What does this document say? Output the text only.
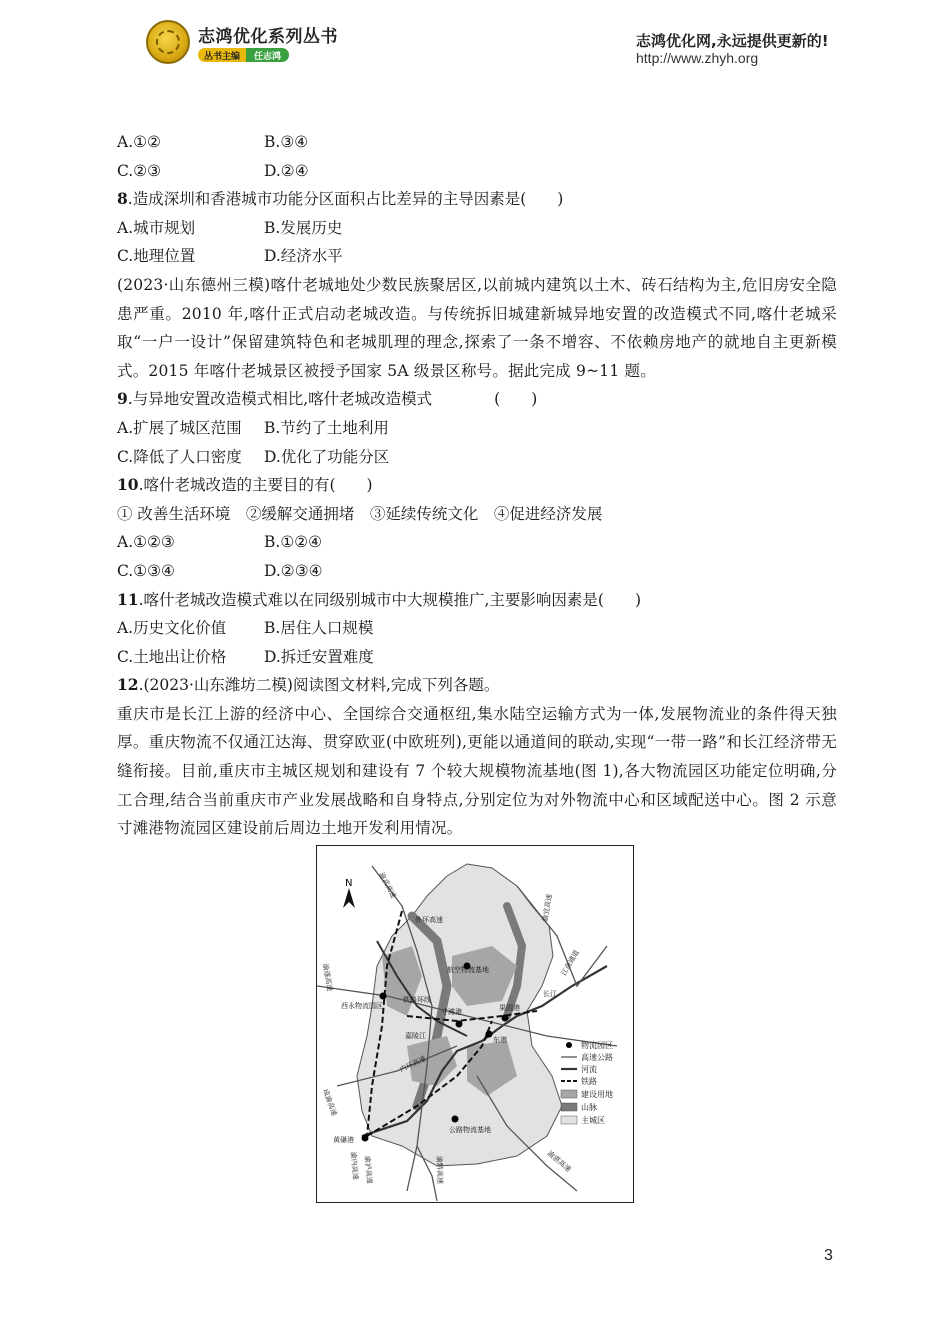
志鸿优化系列丛书
丛书主编	任志鸿
志鸿优化网,永远提供更新的!
http://www.zhyh.org
A.①②	B.③④
C.②③	D.②④
8.造成深圳和香港城市功能分区面积占比差异的主导因素是(　　)
A.城市规划	B.发展历史
C.地理位置	D.经济水平
(2023·山东德州三模)喀什老城地处少数民族聚居区,以前城内建筑以土木、砖石结构为主,危旧房安全隐患严重。2010 年,喀什正式启动老城改造。与传统拆旧城建新城异地安置的改造模式不同,喀什老城采取“一户一设计”保留建筑特色和老城肌理的理念,探索了一条不增容、不依赖房地产的就地自主更新模式。2015 年喀什老城景区被授予国家 5A 级景区称号。据此完成 9~11 题。
9.与异地安置改造模式相比,喀什老城改造模式　　　　(　　)
A.扩展了城区范围 B.节约了土地利用
C.降低了人口密度 D.优化了功能分区
10.喀什老城改造的主要目的有(　　)
① 改善生活环境　②缓解交通拥堵　③延续传统文化　④促进经济发展
A.①②③	B.①②④
C.①③④	D.②③④
11.喀什老城改造模式难以在同级别城市中大规模推广,主要影响因素是(　　)
A.历史文化价值 B.居住人口规模
C.土地出让价格 D.拆迁安置难度
12.(2023·山东潍坊二模)阅读图文材料,完成下列各题。
重庆市是长江上游的经济中心、全国综合交通枢纽,集水陆空运输方式为一体,发展物流业的条件得天独厚。重庆物流不仅通江达海、贯穿欧亚(中欧班列),更能以通道间的联动,实现“一带一路”和长江经济带无缝衔接。目前,重庆市主城区规划和建设有 7 个较大规模物流基地(图 1),各大物流园区功能定位明确,分工合理,结合当前重庆市产业发展战略和自身特点,分别定位为对外物流中心和区域配送中心。图 2 示意寸滩港物流园区建设前后周边土地开发利用情况。
N	渝武高速
外环高速
航空物流基地
渝遂高速
西永物流园区
铁路环线
寸滩港	果园港
东港
嘉陵江
内环高速
成渝高速
黄磏港
公路物流基地
渝湛高速
渝黔高速
渝宜高速
江南通道
渝内高速 渝泸高速
长江
物流园区
高速公路
河流
铁路
建设用地
山脉
主城区
3
